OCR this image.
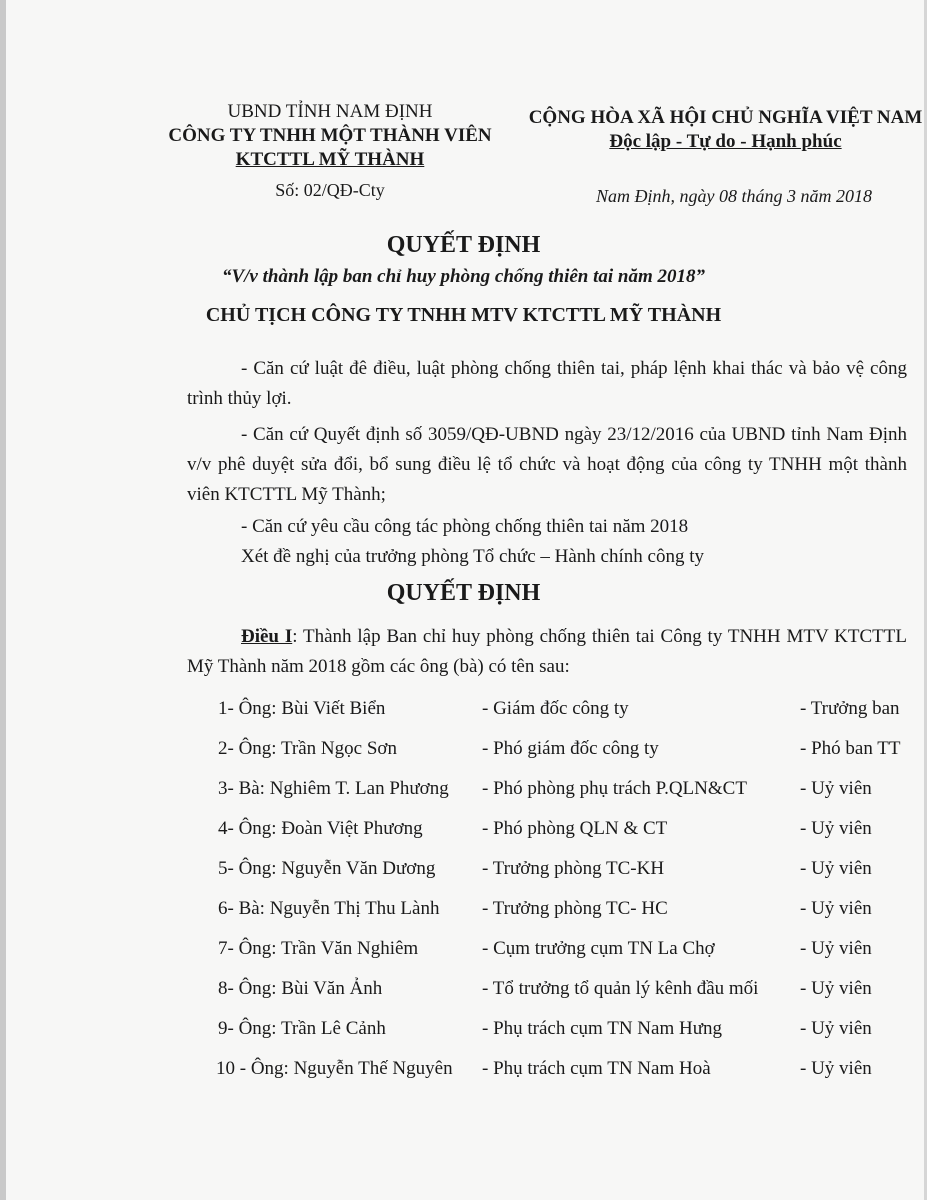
UBND TỈNH NAM ĐỊNH
CÔNG TY TNHH MỘT THÀNH VIÊN
KTCTTL MỸ THÀNH
Số: 02/QĐ-Cty
CỘNG HÒA XÃ HỘI CHỦ NGHĨA VIỆT NAM
Độc lập - Tự do - Hạnh phúc
Nam Định, ngày 08 tháng 3 năm 2018
QUYẾT ĐỊNH
“V/v thành lập ban chỉ huy phòng chống thiên tai năm 2018”
CHỦ TỊCH CÔNG TY TNHH MTV KTCTTL MỸ THÀNH
- Căn cứ luật đê điều, luật phòng chống thiên tai, pháp lệnh khai thác và bảo vệ công trình thủy lợi.
- Căn cứ Quyết định số 3059/QĐ-UBND ngày 23/12/2016 của UBND tỉnh Nam Định v/v phê duyệt sửa đổi, bổ sung điều lệ tổ chức và hoạt động của công ty TNHH một thành viên KTCTTL Mỹ Thành;
- Căn cứ yêu cầu công tác phòng chống thiên tai năm 2018
Xét đề nghị của trưởng phòng Tổ chức – Hành chính công ty
QUYẾT ĐỊNH
Điều I: Thành lập Ban chỉ huy phòng chống thiên tai Công ty TNHH MTV KTCTTL Mỹ Thành năm 2018 gồm các ông (bà) có tên sau:
1- Ông: Bùi Viết Biển	- Giám đốc công ty	- Trưởng ban
2- Ông: Trần Ngọc Sơn	- Phó giám đốc công ty	- Phó ban TT
3- Bà: Nghiêm T. Lan Phương - Phó phòng phụ trách P.QLN&CT	- Uỷ viên
4- Ông: Đoàn Việt Phương	- Phó phòng QLN & CT	- Uỷ viên
5- Ông: Nguyễn Văn Dương - Trưởng phòng TC-KH	- Uỷ viên
6- Bà: Nguyễn Thị Thu Lành - Trưởng phòng TC- HC	- Uỷ viên
7- Ông: Trần Văn Nghiêm	- Cụm trưởng cụm TN La Chợ	- Uỷ viên
8- Ông: Bùi Văn Ảnh	- Tổ trưởng tổ quản lý kênh đầu mối - Uỷ viên
9- Ông: Trần Lê Cảnh	- Phụ trách cụm TN Nam Hưng	- Uỷ viên
10 - Ông: Nguyễn Thế Nguyên - Phụ trách cụm TN Nam Hoà	- Uỷ viên
